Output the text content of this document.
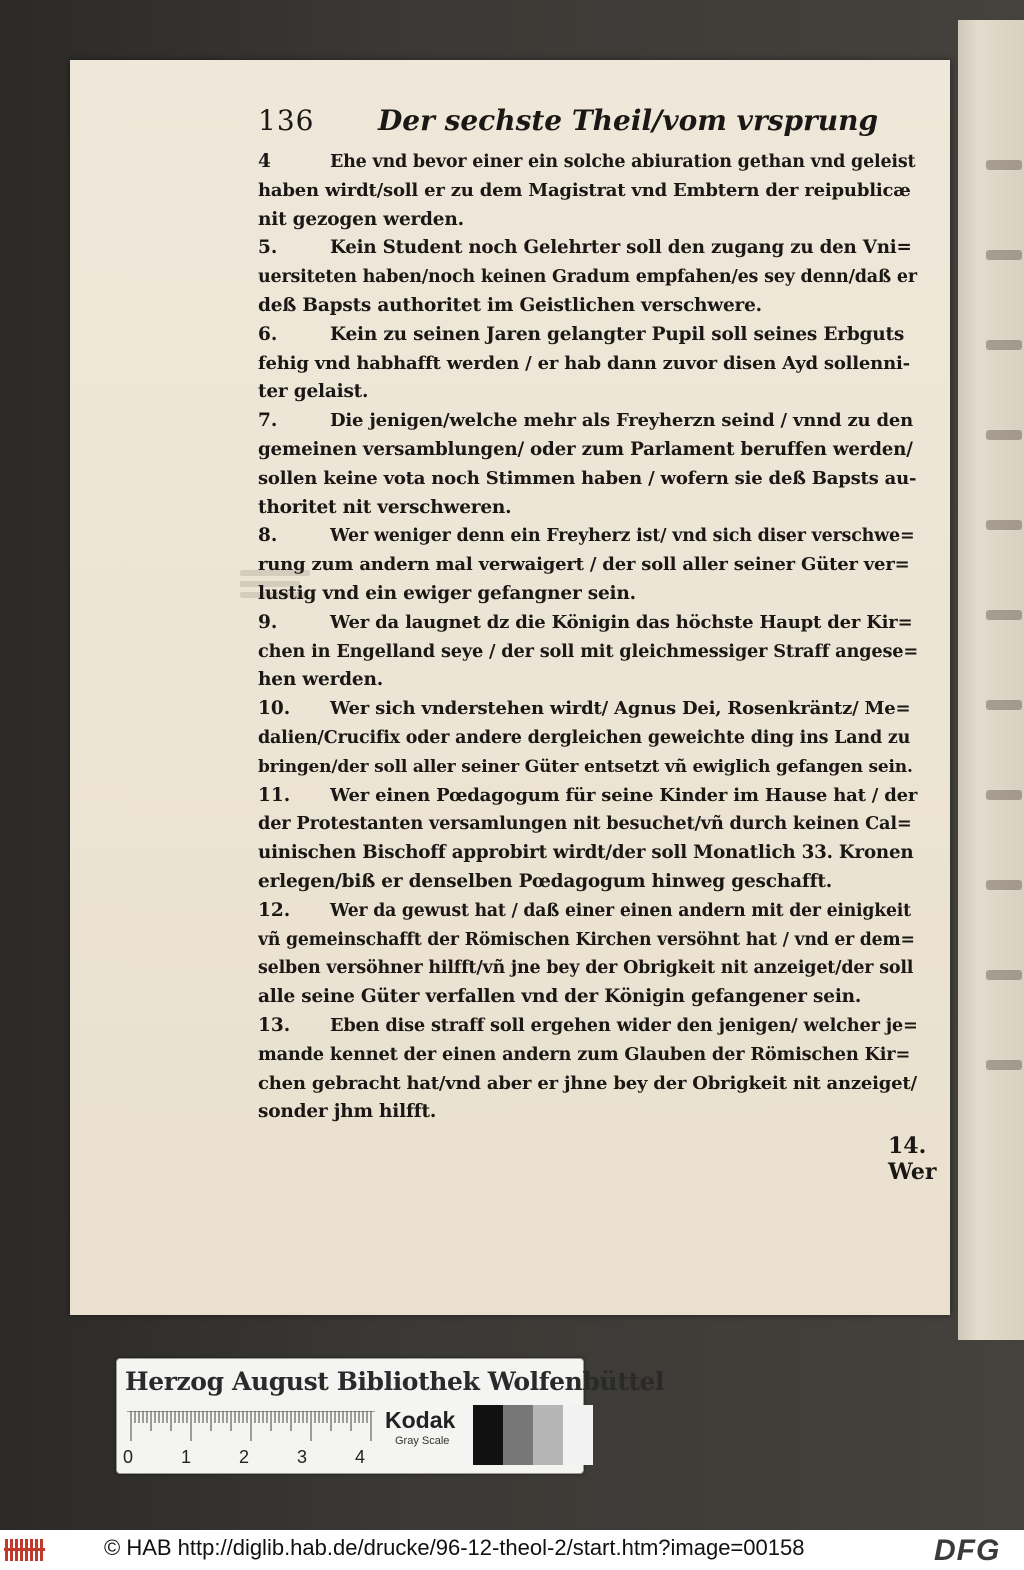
136	Der sechste Theil/vom vrsprung
4	Ehe vnd bevor einer ein solche abiuration gethan vnd geleist
haben wirdt/soll er zu dem Magistrat vnd Embtern der reipublicæ
nit gezogen werden.
5.	Kein Student noch Gelehrter soll den zugang zu den Vni=
uersiteten haben/noch keinen Gradum empfahen/es sey denn/daß er
deß Bapsts authoritet im Geistlichen verschwere.
6.	Kein zu seinen Jaren gelangter Pupil soll seines Erbguts
fehig vnd habhafft werden / er hab dann zuvor disen Ayd sollenni-
ter gelaist.
7.	Die jenigen/welche mehr als Freyherzn seind / vnnd zu den
gemeinen versamblungen/ oder zum Parlament beruffen werden/
sollen keine vota noch Stimmen haben / wofern sie deß Bapsts au-
thoritet nit verschweren.
8.	Wer weniger denn ein Freyherz ist/ vnd sich diser verschwe=
rung zum andern mal verwaigert / der soll aller seiner Güter ver=
lustig vnd ein ewiger gefangner sein.
9.	Wer da laugnet dz die Königin das höchste Haupt der Kir=
chen in Engelland seye / der soll mit gleichmessiger Straff angese=
hen werden.
10.	Wer sich vnderstehen wirdt/ Agnus Dei, Rosenkräntz/ Me=
dalien/Crucifix oder andere dergleichen geweichte ding ins Land zu
bringen/der soll aller seiner Güter entsetzt vñ ewiglich gefangen sein.
11.	Wer einen Pœdagogum für seine Kinder im Hause hat / der
der Protestanten versamlungen nit besuchet/vñ durch keinen Cal=
uinischen Bischoff approbirt wirdt/der soll Monatlich 33. Kronen
erlegen/biß er denselben Pœdagogum hinweg geschafft.
12.	Wer da gewust hat / daß einer einen andern mit der einigkeit
vñ gemeinschafft der Römischen Kirchen versöhnt hat / vnd er dem=
selben versöhner hilfft/vñ jne bey der Obrigkeit nit anzeiget/der soll
alle seine Güter verfallen vnd der Königin gefangener sein.
13.	Eben dise straff soll ergehen wider den jenigen/ welcher je=
mande kennet der einen andern zum Glauben der Römischen Kir=
chen gebracht hat/vnd aber er jhne bey der Obrigkeit nit anzeiget/
sonder jhm hilfft.
14. Wer
Herzog August Bibliothek Wolfenbüttel
0	1	2	3	4
Kodak
Gray Scale
© HAB http://diglib.hab.de/drucke/96-12-theol-2/start.htm?image=00158	DFG
